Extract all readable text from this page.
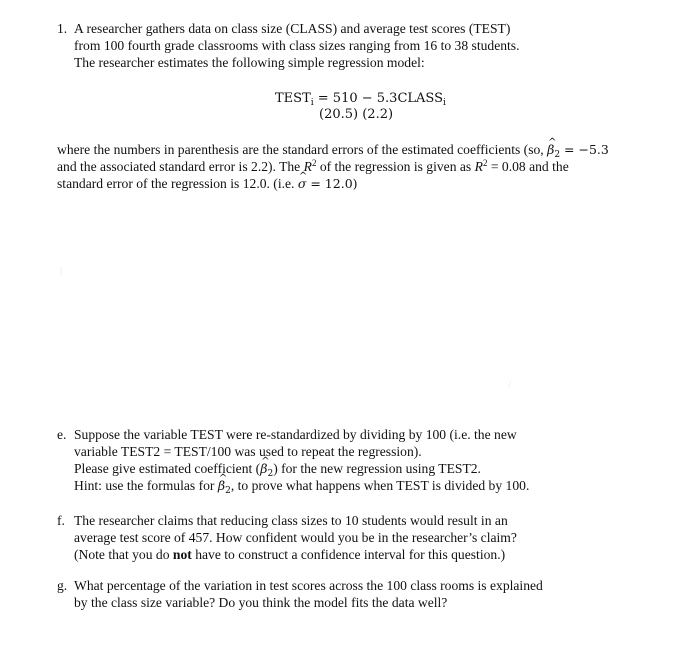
1. A researcher gathers data on class size (CLASS) and average test scores (TEST)
from 100 fourth grade classrooms with class sizes ranging from 16 to 38 students.
The researcher estimates the following simple regression model:
$TEST_i = 510$ − $5.3CLASS_i$
(20.5) (2.2)
where the numbers in parenthesis are the standard errors of the estimated coefficients (so, β $\^{}_2 = -5.3$
and the associated standard error is 2.2). The $R^2$ of the regression is given as $R^2 = 0.08$ and the
standard error of the regression is 12.0. (i.e. σ ^ = 12.0)
|
/
e. Suppose the variable TEST were re-standardized by dividing by 100 (i.e. the new
variable TEST2 = TEST/100 was used to repeat the regression).
Please give estimated coefficient (β $\^{}_2$) for the new regression using TEST2.
Hint: use the formulas for β $\^{}_2$, to prove what happens when TEST is divided by 100.
f. The researcher claims that reducing class sizes to 10 students would result in an
average test score of 457. How confident would you be in the researcher’s claim?
(Note that you do not have to construct a confidence interval for this question.)
g. What percentage of the variation in test scores across the 100 class rooms is explained
by the class size variable? Do you think the model fits the data well?
